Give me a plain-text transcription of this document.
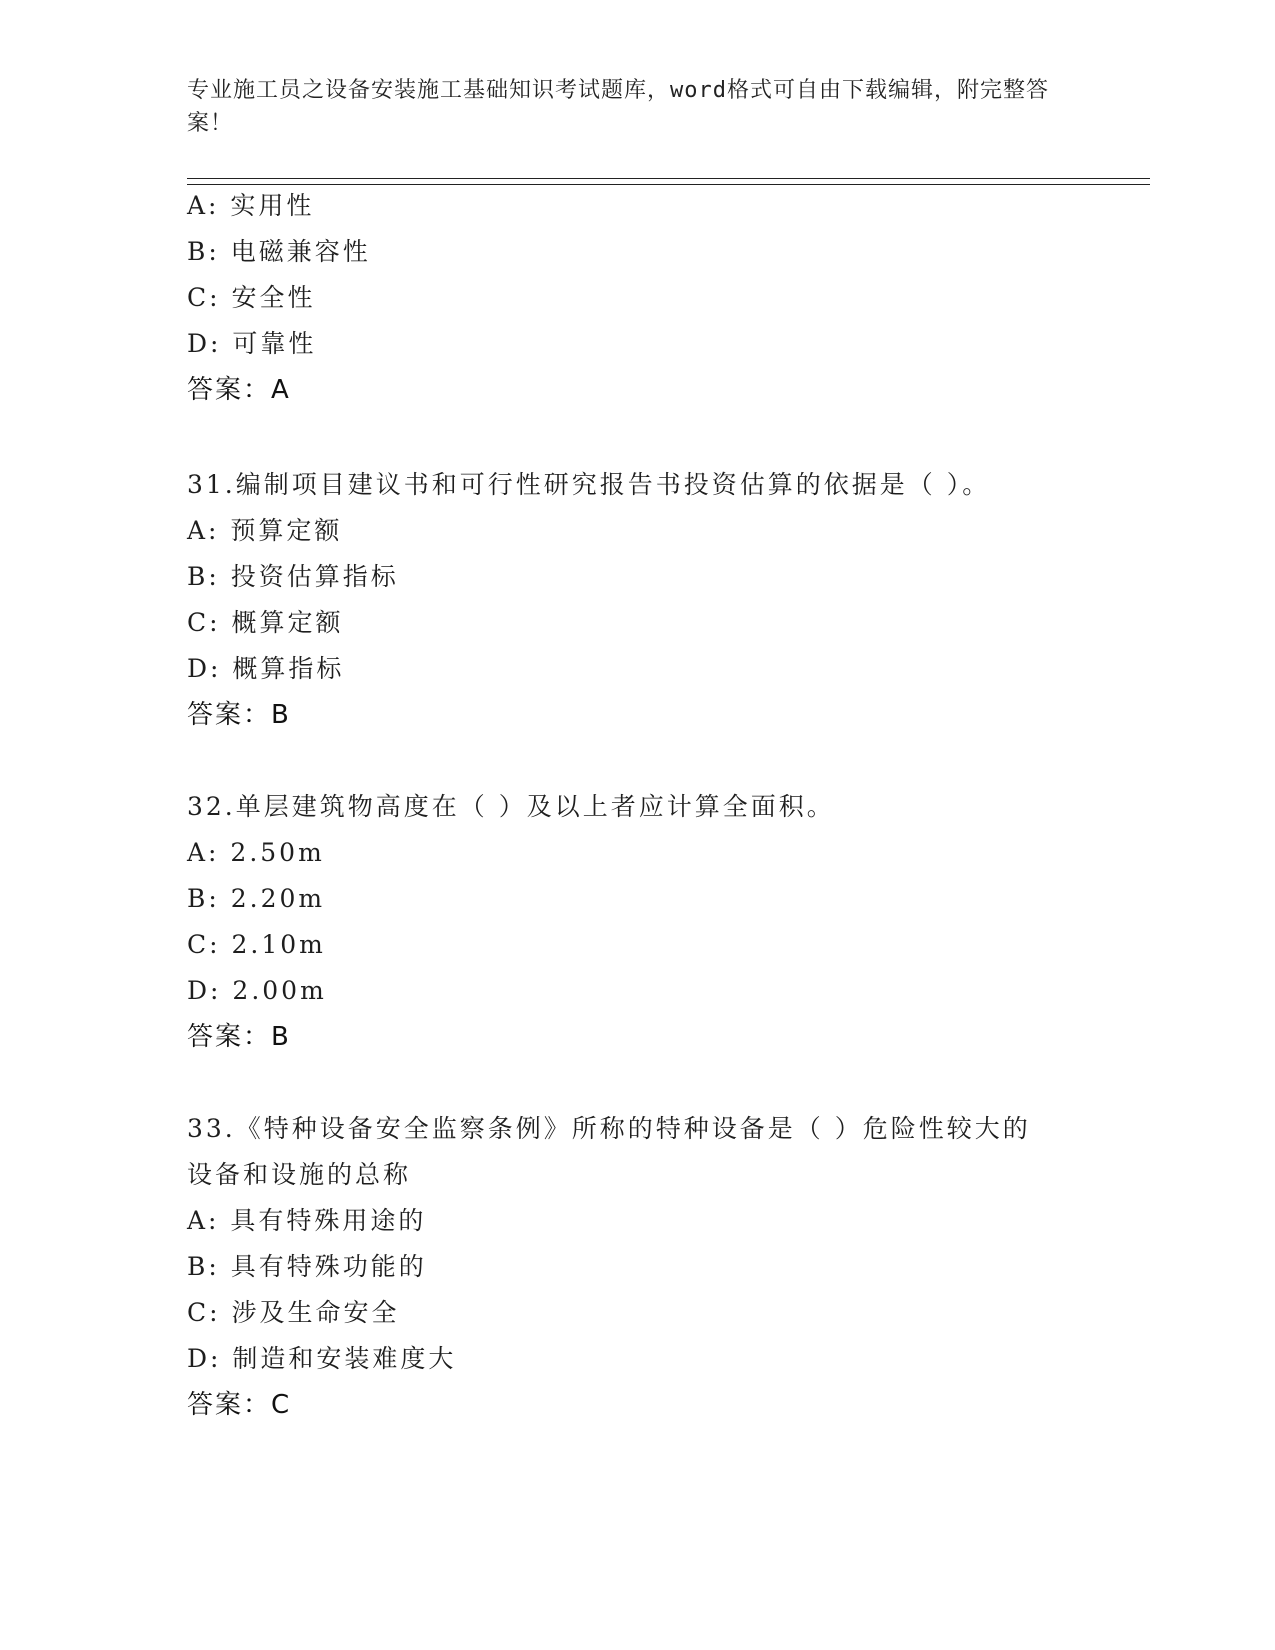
专业施工员之设备安装施工基础知识考试题库，word格式可自由下载编辑，附完整答案！
A: 实用性
B: 电磁兼容性
C: 安全性
D: 可靠性
答案：A
31.编制项目建议书和可行性研究报告书投资估算的依据是（ ）。
A: 预算定额
B: 投资估算指标
C: 概算定额
D: 概算指标
答案：B
32.单层建筑物高度在（ ）及以上者应计算全面积。
A: 2.50m
B: 2.20m
C: 2.10m
D: 2.00m
答案：B
33.《特种设备安全监察条例》所称的特种设备是（ ）危险性较大的设备和设施的总称
A: 具有特殊用途的
B: 具有特殊功能的
C: 涉及生命安全
D: 制造和安装难度大
答案：C
